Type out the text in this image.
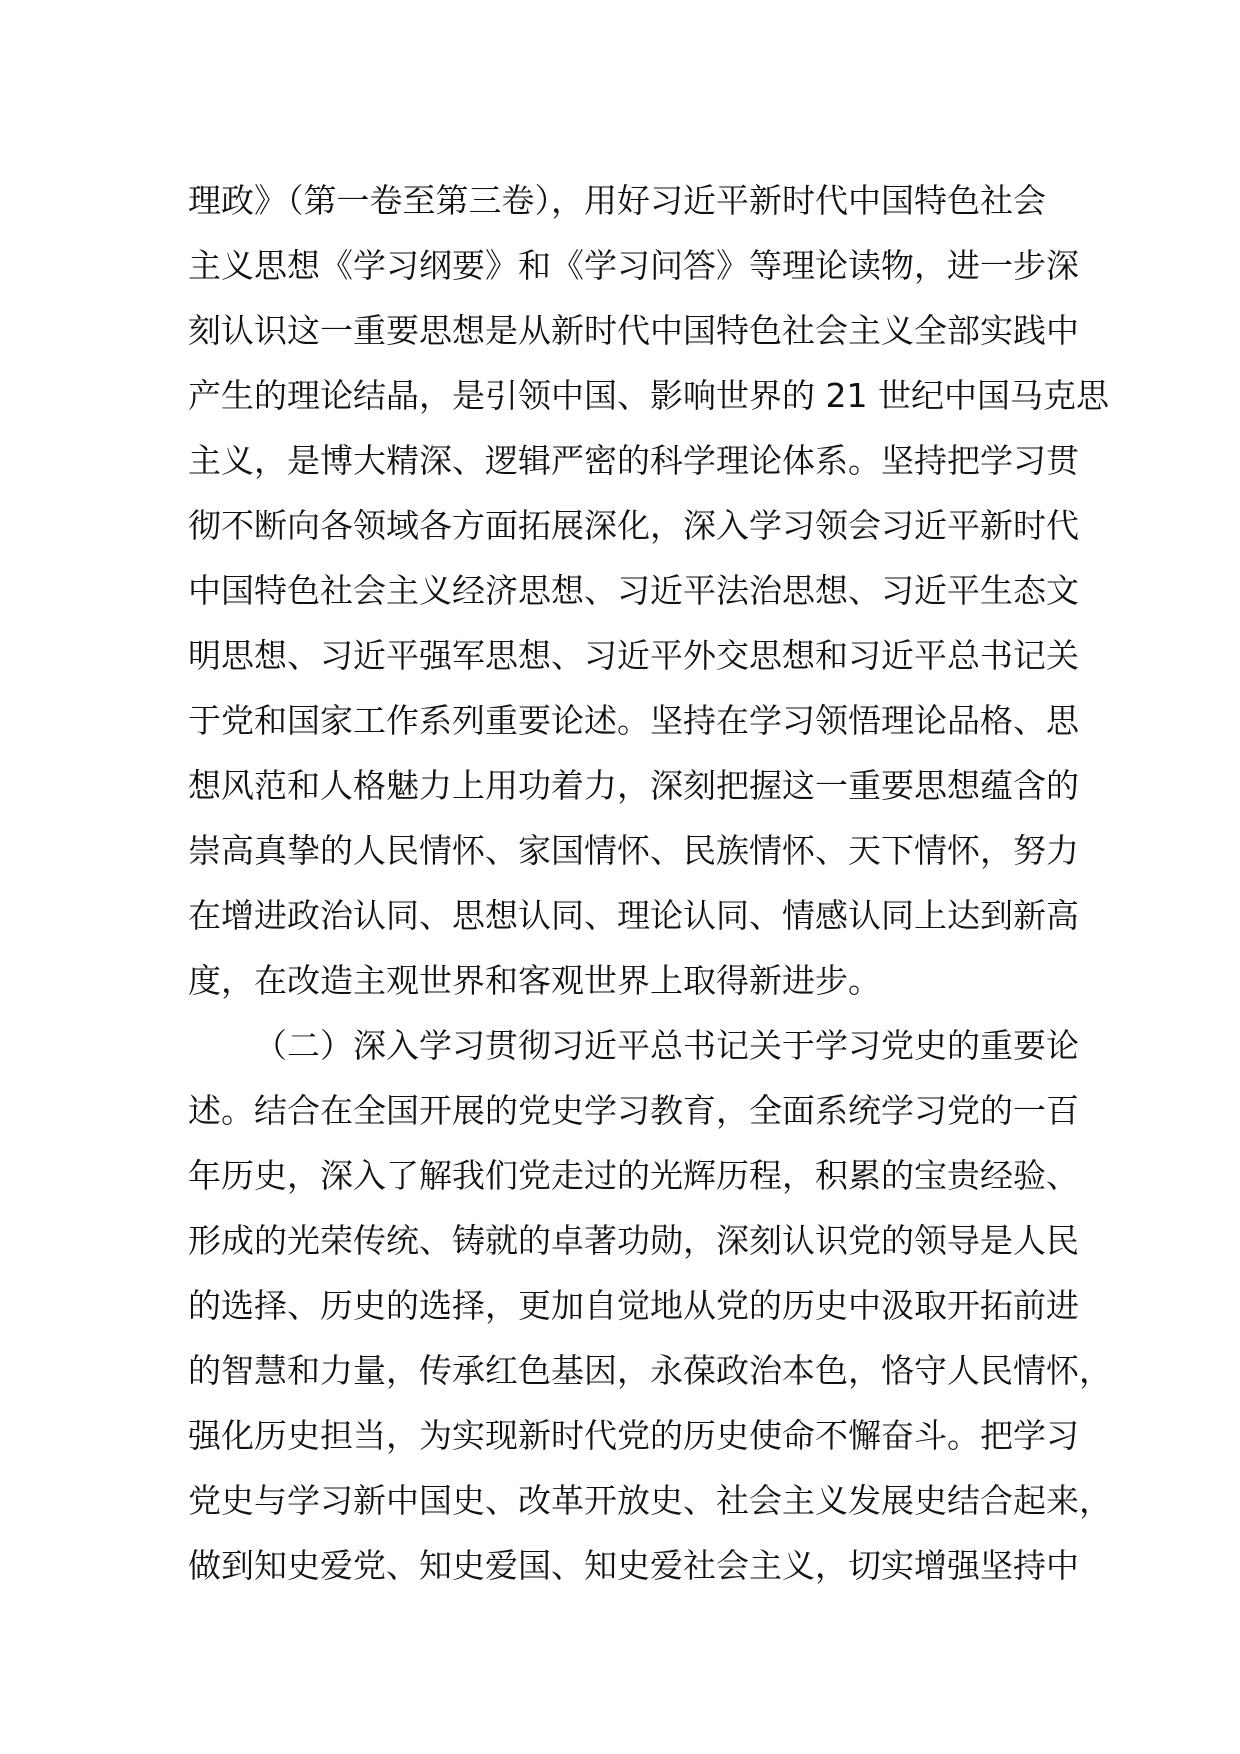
理政》（第一卷至第三卷），用好习近平新时代中国特色社会
主义思想《学习纲要》和《学习问答》等理论读物，进一步深
刻认识这一重要思想是从新时代中国特色社会主义全部实践中
产生的理论结晶，是引领中国、影响世界的 21 世纪中国马克思
主义，是博大精深、逻辑严密的科学理论体系。坚持把学习贯
彻不断向各领域各方面拓展深化，深入学习领会习近平新时代
中国特色社会主义经济思想、习近平法治思想、习近平生态文
明思想、习近平强军思想、习近平外交思想和习近平总书记关
于党和国家工作系列重要论述。坚持在学习领悟理论品格、思
想风范和人格魅力上用功着力，深刻把握这一重要思想蕴含的
崇高真挚的人民情怀、家国情怀、民族情怀、天下情怀，努力
在增进政治认同、思想认同、理论认同、情感认同上达到新高
度，在改造主观世界和客观世界上取得新进步。
（二）深入学习贯彻习近平总书记关于学习党史的重要论
述。结合在全国开展的党史学习教育，全面系统学习党的一百
年历史，深入了解我们党走过的光辉历程，积累的宝贵经验、
形成的光荣传统、铸就的卓著功勋，深刻认识党的领导是人民
的选择、历史的选择，更加自觉地从党的历史中汲取开拓前进
的智慧和力量，传承红色基因，永葆政治本色，恪守人民情怀，
强化历史担当，为实现新时代党的历史使命不懈奋斗。把学习
党史与学习新中国史、改革开放史、社会主义发展史结合起来，
做到知史爱党、知史爱国、知史爱社会主义，切实增强坚持中
